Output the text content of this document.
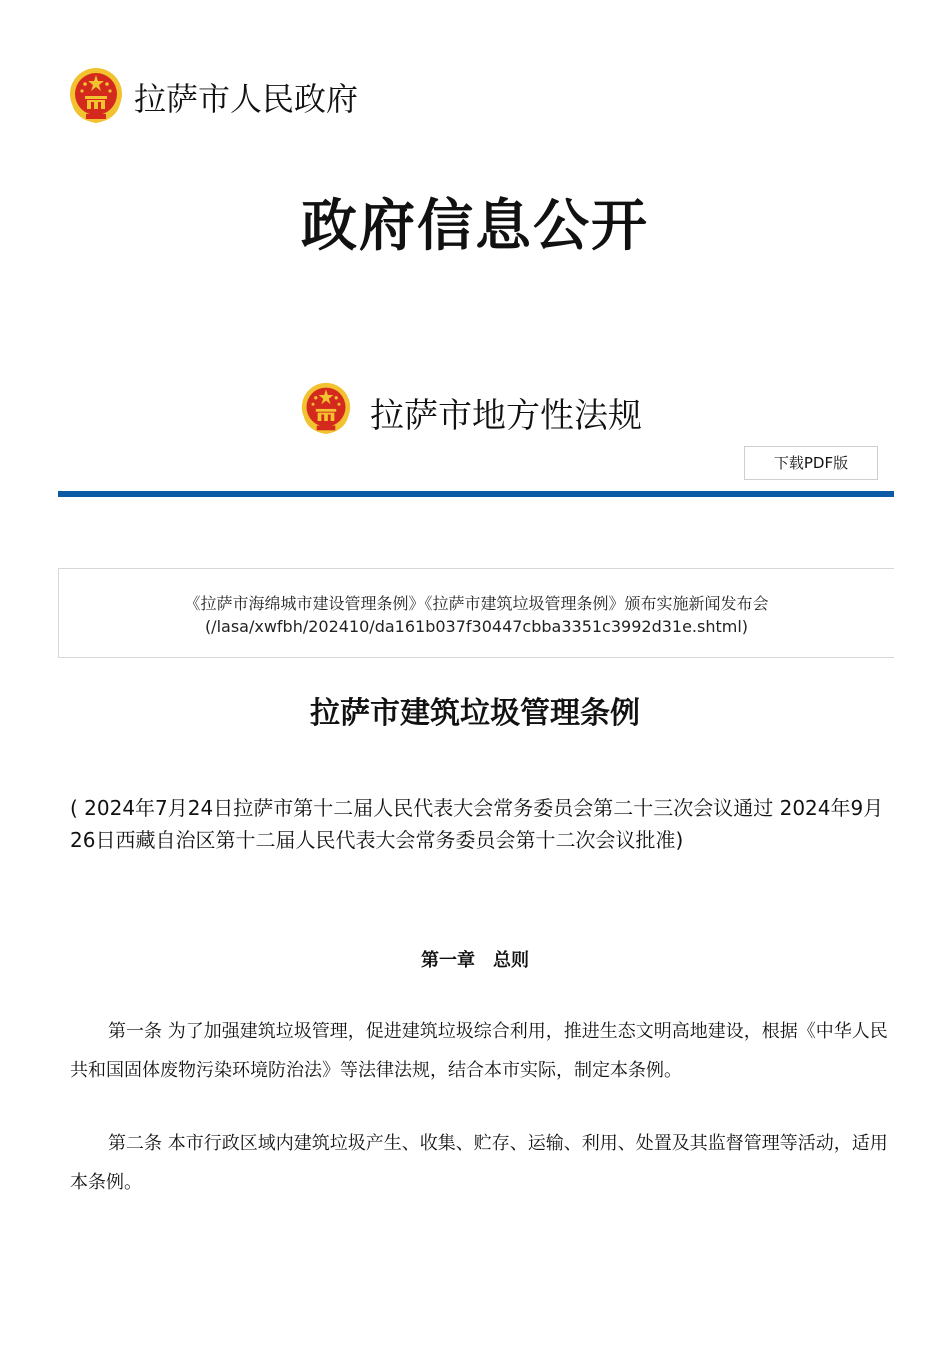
拉萨市人民政府
政府信息公开
拉萨市地方性法规
下载PDF版
《拉萨市海绵城市建设管理条例》《拉萨市建筑垃圾管理条例》颁布实施新闻发布会
(/lasa/xwfbh/202410/da161b037f30447cbba3351c3992d31e.shtml)
拉萨市建筑垃圾管理条例
( 2024年7月24日拉萨市第十二届人民代表大会常务委员会第二十三次会议通过 2024年9月26日西藏自治区第十二届人民代表大会常务委员会第十二次会议批准)
第一章　总则
第一条 为了加强建筑垃圾管理，促进建筑垃圾综合利用，推进生态文明高地建设，根据《中华人民共和国固体废物污染环境防治法》等法律法规，结合本市实际，制定本条例。
第二条 本市行政区域内建筑垃圾产生、收集、贮存、运输、利用、处置及其监督管理等活动，适用本条例。
